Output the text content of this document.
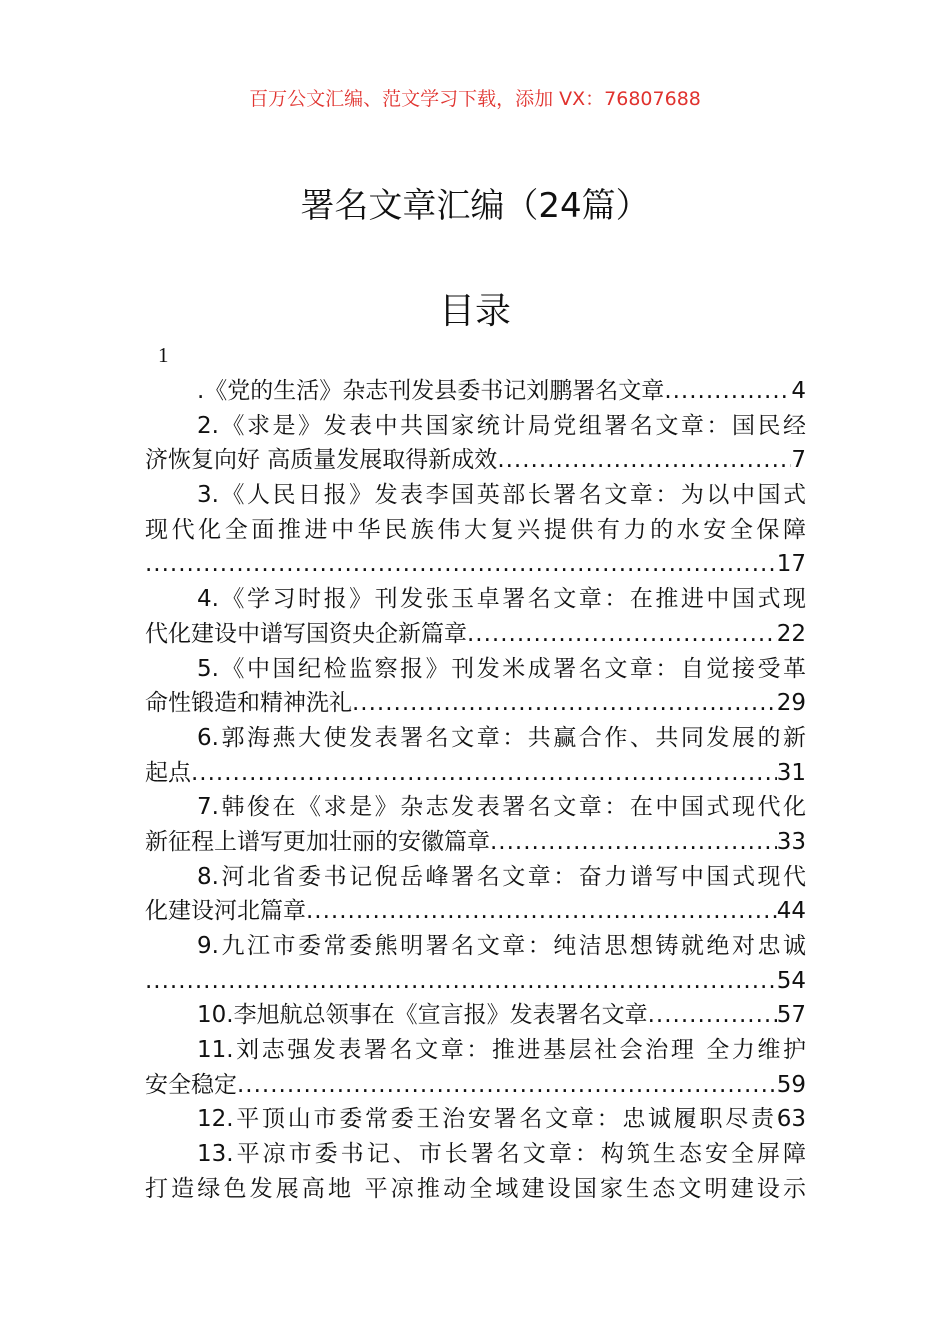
百万公文汇编、范文学习下载，添加 VX：76807688
署名文章汇编（24篇）
目录
1
.《党的生活》杂志刊发县委书记刘鹏署名文章 .....	4
2.《求是》发表中共国家统计局党组署名文章：国民经
济恢复向好 高质量发展取得新成效 .....	7
3.《人民日报》发表李国英部长署名文章：为以中国式
现代化全面推进中华民族伟大复兴提供有力的水安全保障
.....
17
4.《学习时报》刊发张玉卓署名文章：在推进中国式现
代化建设中谱写国资央企新篇章 .....	22
5.《中国纪检监察报》刊发米成署名文章：自觉接受革
命性锻造和精神洗礼 .....	29
6.郭海燕大使发表署名文章：共赢合作、共同发展的新
起点 .....	31
7.韩俊在《求是》杂志发表署名文章：在中国式现代化
新征程上谱写更加壮丽的安徽篇章 .....	33
8.河北省委书记倪岳峰署名文章：奋力谱写中国式现代
化建设河北篇章 .....	44
9.九江市委常委熊明署名文章：纯洁思想铸就绝对忠诚
.....
54
10.李旭航总领事在《宣言报》发表署名文章 .....	57
11.刘志强发表署名文章：推进基层社会治理 全力维护
安全稳定 .....	59
12.平顶山市委常委王治安署名文章：忠诚履职尽责63
13.平凉市委书记、市长署名文章：构筑生态安全屏障
打造绿色发展高地 平凉推动全域建设国家生态文明建设示
